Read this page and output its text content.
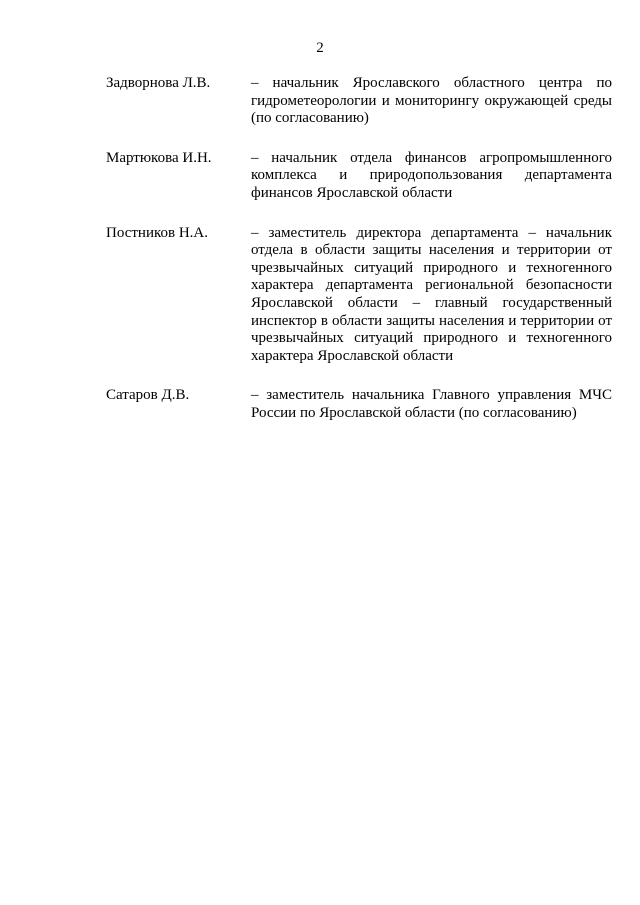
2
Задворнова Л.В.	– начальник Ярославского областного центра по гидрометеорологии и мониторингу окружающей среды (по согласованию)
Мартюкова И.Н.	– начальник отдела финансов агропромышленного комплекса и природопользования департамента финансов Ярославской области
Постников Н.А.	– заместитель директора департамента – начальник отдела в области защиты населения и территории от чрезвычайных ситуаций природного и техногенного характера департамента региональной безопасности Ярославской области – главный государственный инспектор в области защиты населения и территории от чрезвычайных ситуаций природного и техногенного характера Ярославской области
Сатаров Д.В.	– заместитель начальника Главного управления МЧС России по Ярославской области (по согласованию)
